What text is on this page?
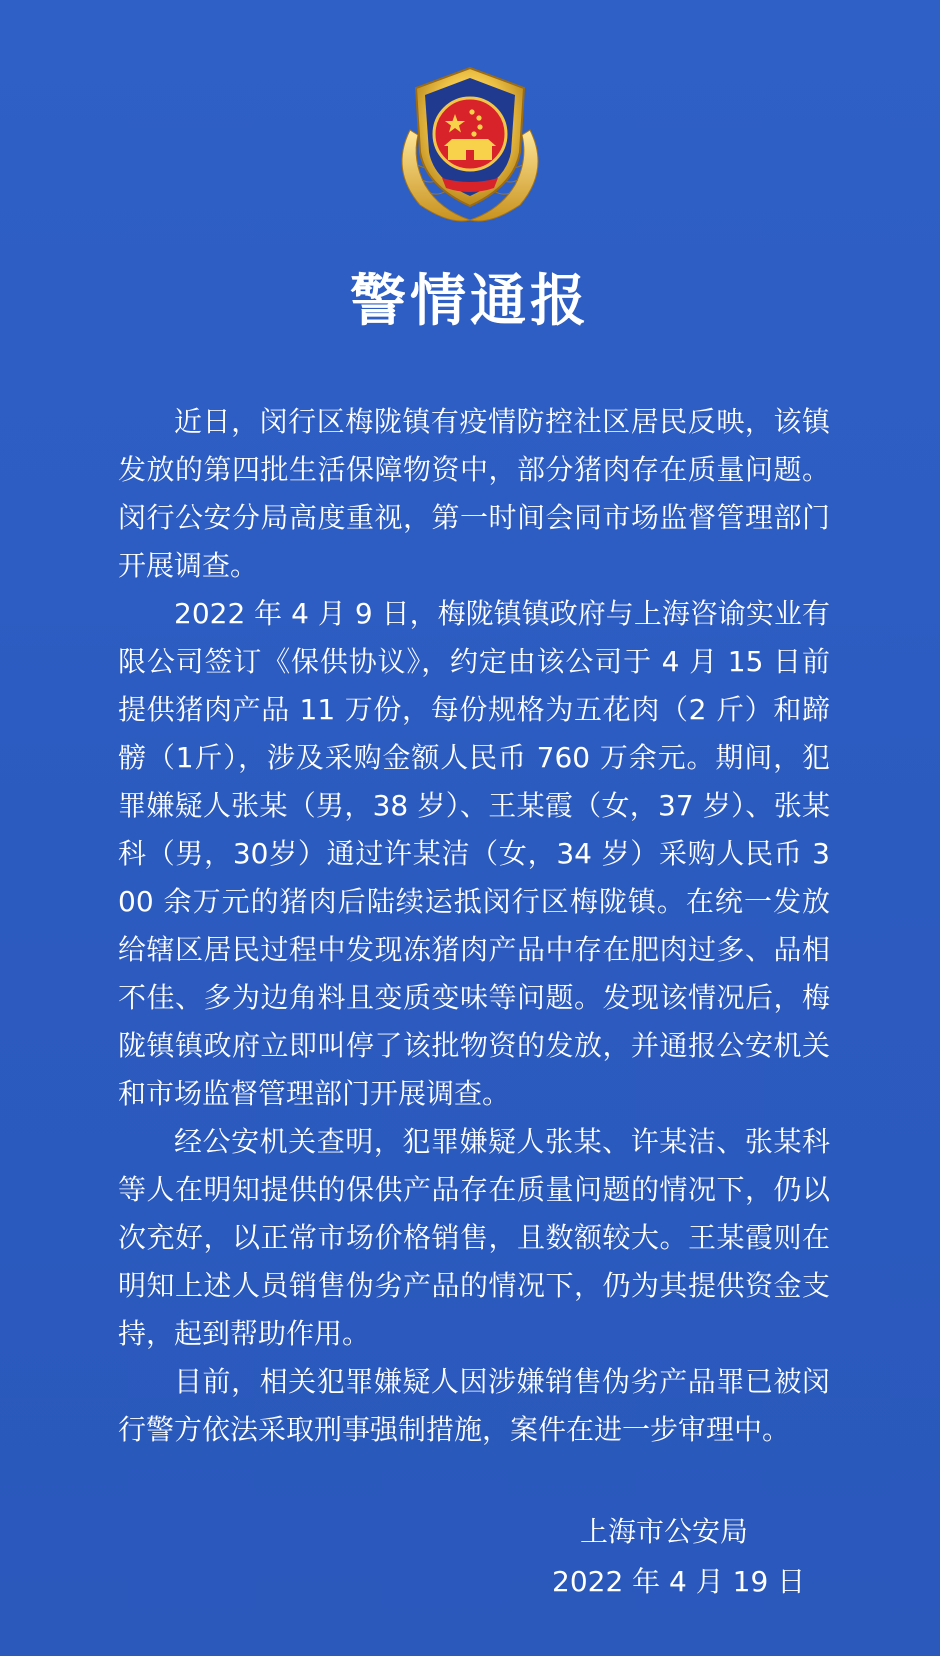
警情通报

近日，闵行区梅陇镇有疫情防控社区居民反映，该镇发放的第四批生活保障物资中，部分猪肉存在质量问题。闵行公安分局高度重视，第一时间会同市场监督管理部门开展调查。

2022 年 4 月 9 日，梅陇镇镇政府与上海咨谕实业有限公司签订《保供协议》，约定由该公司于 4 月 15 日前提供猪肉产品 11 万份，每份规格为五花肉（2 斤）和蹄髈（1斤），涉及采购金额人民币 760 万余元。期间，犯罪嫌疑人张某（男，38 岁）、王某霞（女，37 岁）、张某科（男，30岁）通过许某洁（女，34 岁）采购人民币 300 余万元的猪肉后陆续运抵闵行区梅陇镇。在统一发放给辖区居民过程中发现冻猪肉产品中存在肥肉过多、品相不佳、多为边角料且变质变味等问题。发现该情况后，梅陇镇镇政府立即叫停了该批物资的发放，并通报公安机关和市场监督管理部门开展调查。

经公安机关查明，犯罪嫌疑人张某、许某洁、张某科等人在明知提供的保供产品存在质量问题的情况下，仍以次充好，以正常市场价格销售，且数额较大。王某霞则在明知上述人员销售伪劣产品的情况下，仍为其提供资金支持，起到帮助作用。

目前，相关犯罪嫌疑人因涉嫌销售伪劣产品罪已被闵行警方依法采取刑事强制措施，案件在进一步审理中。

上海市公安局
2022 年 4 月 19 日
